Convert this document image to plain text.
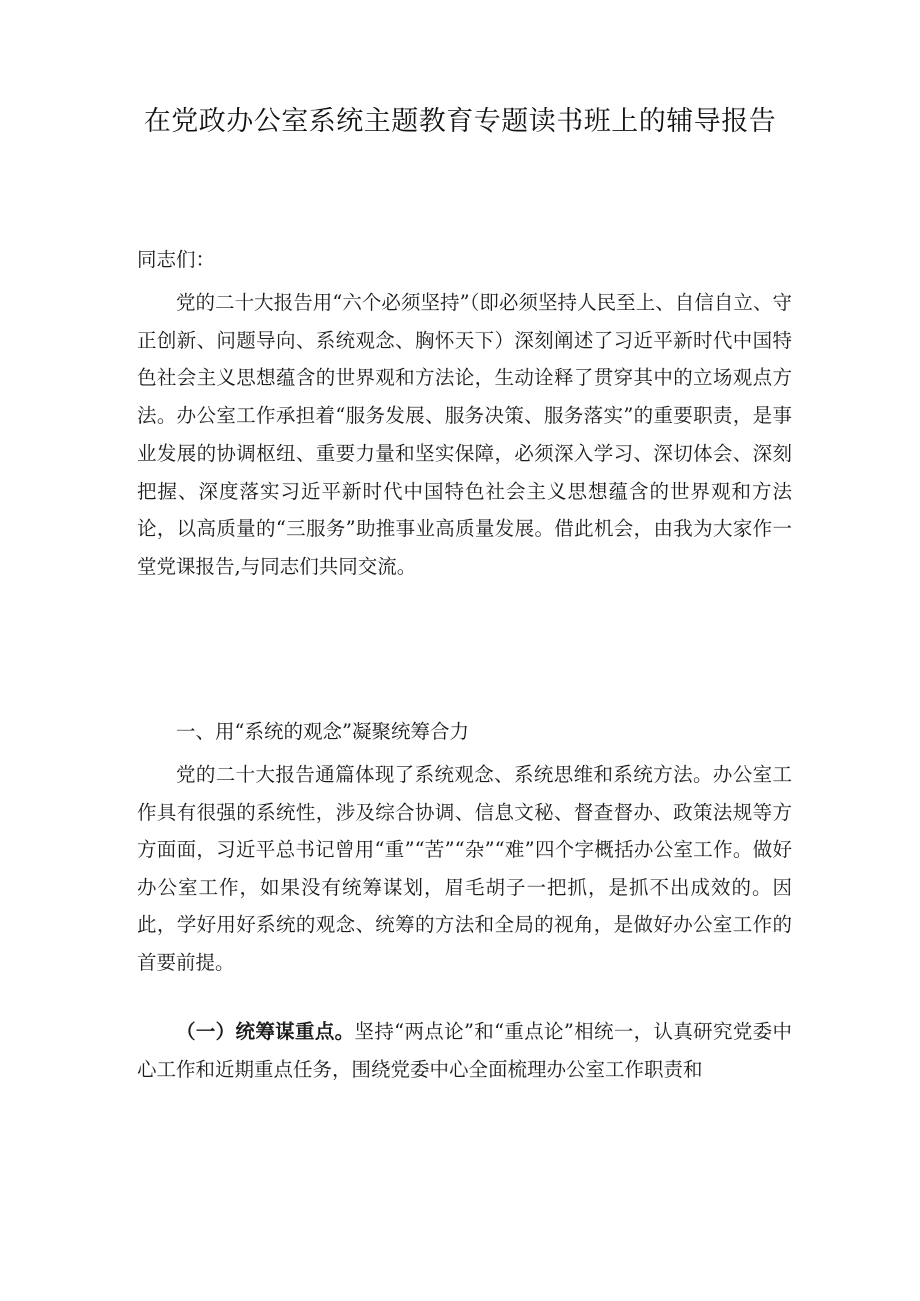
在党政办公室系统主题教育专题读书班上的辅导报告

同志们：

党的二十大报告用“六个必须坚持”（即必须坚持人民至上、自信自立、守正创新、问题导向、系统观念、胸怀天下）深刻阐述了习近平新时代中国特色社会主义思想蕴含的世界观和方法论，生动诠释了贯穿其中的立场观点方法。办公室工作承担着“服务发展、服务决策、服务落实”的重要职责，是事业发展的协调枢纽、重要力量和坚实保障，必须深入学习、深切体会、深刻把握、深度落实习近平新时代中国特色社会主义思想蕴含的世界观和方法论，以高质量的“三服务”助推事业高质量发展。借此机会，由我为大家作一堂党课报告,与同志们共同交流。

一、用“系统的观念”凝聚统筹合力

党的二十大报告通篇体现了系统观念、系统思维和系统方法。办公室工作具有很强的系统性，涉及综合协调、信息文秘、督查督办、政策法规等方方面面，习近平总书记曾用“重”“苦”“杂”“难”四个字概括办公室工作。做好办公室工作，如果没有统筹谋划，眉毛胡子一把抓，是抓不出成效的。因此，学好用好系统的观念、统筹的方法和全局的视角，是做好办公室工作的首要前提。

（一）统筹谋重点。坚持“两点论”和“重点论”相统一，认真研究党委中心工作和近期重点任务，围绕党委中心全面梳理办公室工作职责和
